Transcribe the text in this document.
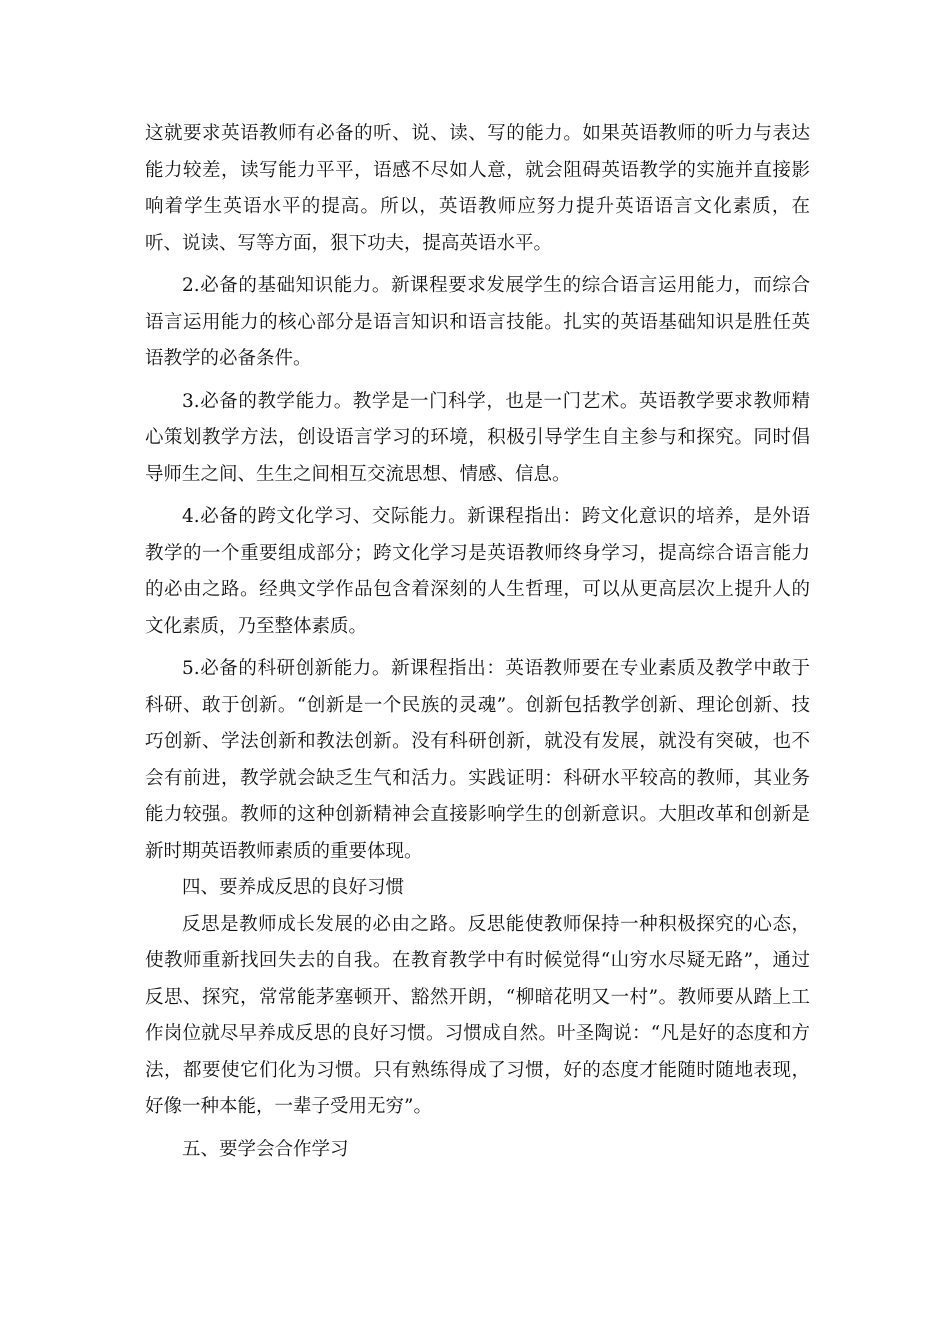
这就要求英语教师有必备的听、说、读、写的能力。如果英语教师的听力与表达能力较差，读写能力平平，语感不尽如人意，就会阻碍英语教学的实施并直接影响着学生英语水平的提高。所以，英语教师应努力提升英语语言文化素质，在听、说读、写等方面，狠下功夫，提高英语水平。

2.必备的基础知识能力。新课程要求发展学生的综合语言运用能力，而综合语言运用能力的核心部分是语言知识和语言技能。扎实的英语基础知识是胜任英语教学的必备条件。

3.必备的教学能力。教学是一门科学，也是一门艺术。英语教学要求教师精心策划教学方法，创设语言学习的环境，积极引导学生自主参与和探究。同时倡导师生之间、生生之间相互交流思想、情感、信息。

4.必备的跨文化学习、交际能力。新课程指出：跨文化意识的培养，是外语教学的一个重要组成部分；跨文化学习是英语教师终身学习，提高综合语言能力的必由之路。经典文学作品包含着深刻的人生哲理，可以从更高层次上提升人的文化素质，乃至整体素质。

5.必备的科研创新能力。新课程指出：英语教师要在专业素质及教学中敢于科研、敢于创新。“创新是一个民族的灵魂”。创新包括教学创新、理论创新、技巧创新、学法创新和教法创新。没有科研创新，就没有发展，就没有突破，也不会有前进，教学就会缺乏生气和活力。实践证明：科研水平较高的教师，其业务能力较强。教师的这种创新精神会直接影响学生的创新意识。大胆改革和创新是新时期英语教师素质的重要体现。

四、要养成反思的良好习惯

反思是教师成长发展的必由之路。反思能使教师保持一种积极探究的心态，使教师重新找回失去的自我。在教育教学中有时候觉得“山穷水尽疑无路”，通过反思、探究，常常能茅塞顿开、豁然开朗，“柳暗花明又一村”。教师要从踏上工作岗位就尽早养成反思的良好习惯。习惯成自然。叶圣陶说：“凡是好的态度和方法，都要使它们化为习惯。只有熟练得成了习惯，好的态度才能随时随地表现，好像一种本能，一辈子受用无穷”。

五、要学会合作学习
